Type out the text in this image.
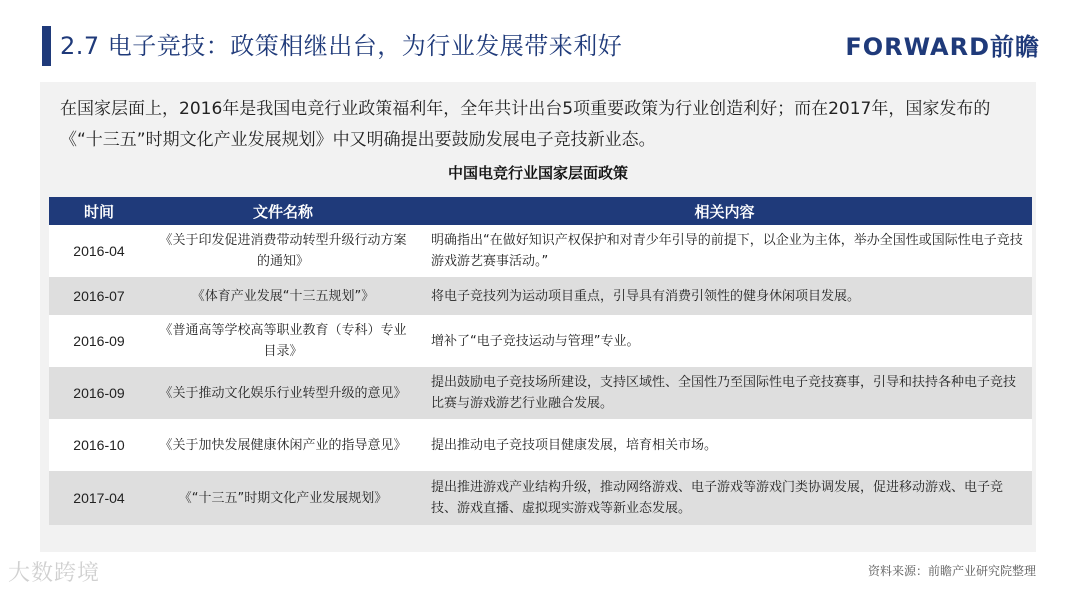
2.7 电子竞技：政策相继出台，为行业发展带来利好	FORWARD前瞻
在国家层面上，2016年是我国电竞行业政策福利年，全年共计出台5项重要政策为行业创造利好；而在2017年，国家发布的《“十三五”时期文化产业发展规划》中又明确提出要鼓励发展电子竞技新业态。
中国电竞行业国家层面政策
时间	文件名称	相关内容
2016-04	《关于印发促进消费带动转型升级行动方案的通知》	明确指出“在做好知识产权保护和对青少年引导的前提下，以企业为主体，举办全国性或国际性电子竞技游戏游艺赛事活动。”
2016-07	《体育产业发展“十三五规划”》	将电子竞技列为运动项目重点，引导具有消费引领性的健身休闲项目发展。
2016-09	《普通高等学校高等职业教育（专科）专业目录》	增补了“电子竞技运动与管理”专业。
2016-09	《关于推动文化娱乐行业转型升级的意见》	提出鼓励电子竞技场所建设，支持区域性、全国性乃至国际性电子竞技赛事，引导和扶持各种电子竞技比赛与游戏游艺行业融合发展。
2016-10	《关于加快发展健康休闲产业的指导意见》	提出推动电子竞技项目健康发展，培育相关市场。
2017-04	《“十三五”时期文化产业发展规划》	提出推进游戏产业结构升级，推动网络游戏、电子游戏等游戏门类协调发展，促进移动游戏、电子竞技、游戏直播、虚拟现实游戏等新业态发展。
大数跨境	资料来源：前瞻产业研究院整理
